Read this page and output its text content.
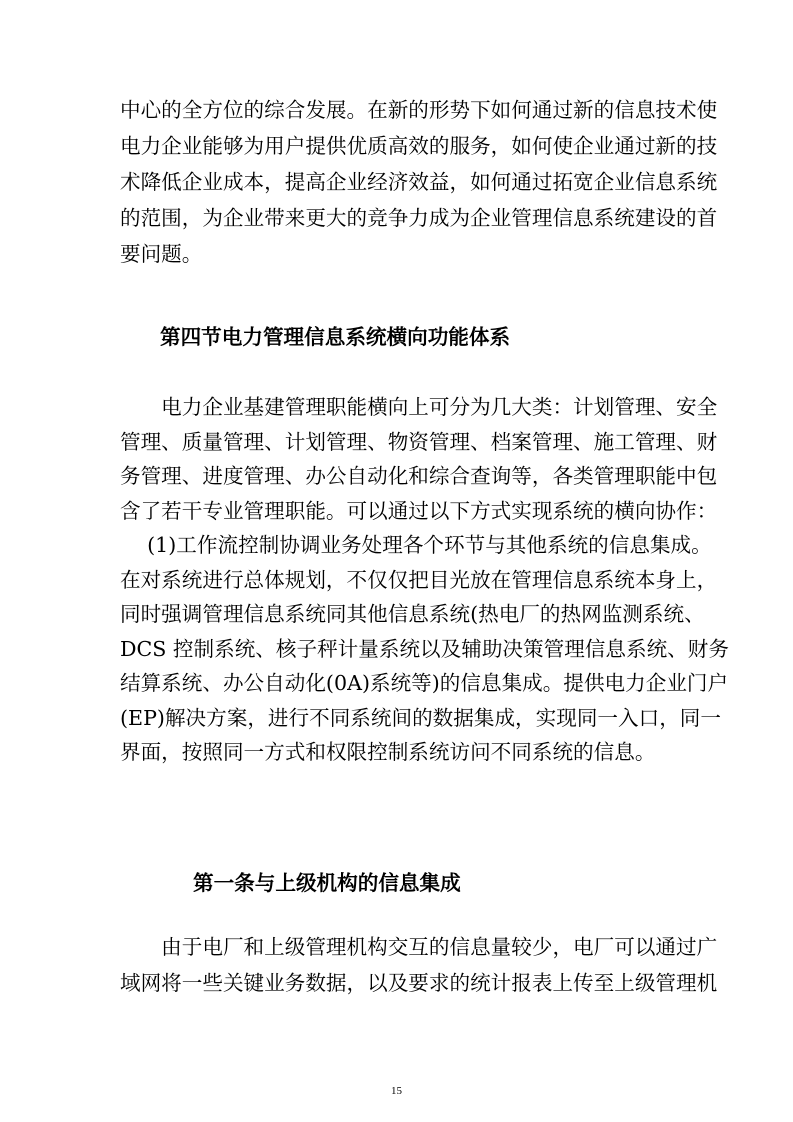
中心的全方位的综合发展。在新的形势下如何通过新的信息技术使
电力企业能够为用户提供优质高效的服务，如何使企业通过新的技
术降低企业成本，提高企业经济效益，如何通过拓宽企业信息系统
的范围，为企业带来更大的竞争力成为企业管理信息系统建设的首
要问题。
第四节电力管理信息系统横向功能体系
　　电力企业基建管理职能横向上可分为几大类：计划管理、安全
管理、质量管理、计划管理、物资管理、档案管理、施工管理、财
务管理、进度管理、办公自动化和综合查询等，各类管理职能中包
含了若干专业管理职能。可以通过以下方式实现系统的横向协作：
　 (1)工作流控制协调业务处理各个环节与其他系统的信息集成。
在对系统进行总体规划，不仅仅把目光放在管理信息系统本身上，
同时强调管理信息系统同其他信息系统(热电厂的热网监测系统、
DCS 控制系统、核子秤计量系统以及辅助决策管理信息系统、财务
结算系统、办公自动化(0A)系统等)的信息集成。提供电力企业门户
(EP)解决方案，进行不同系统间的数据集成，实现同一入口，同一
界面，按照同一方式和权限控制系统访问不同系统的信息。
第一条与上级机构的信息集成
　　由于电厂和上级管理机构交互的信息量较少，电厂可以通过广
域网将一些关键业务数据，以及要求的统计报表上传至上级管理机
15
